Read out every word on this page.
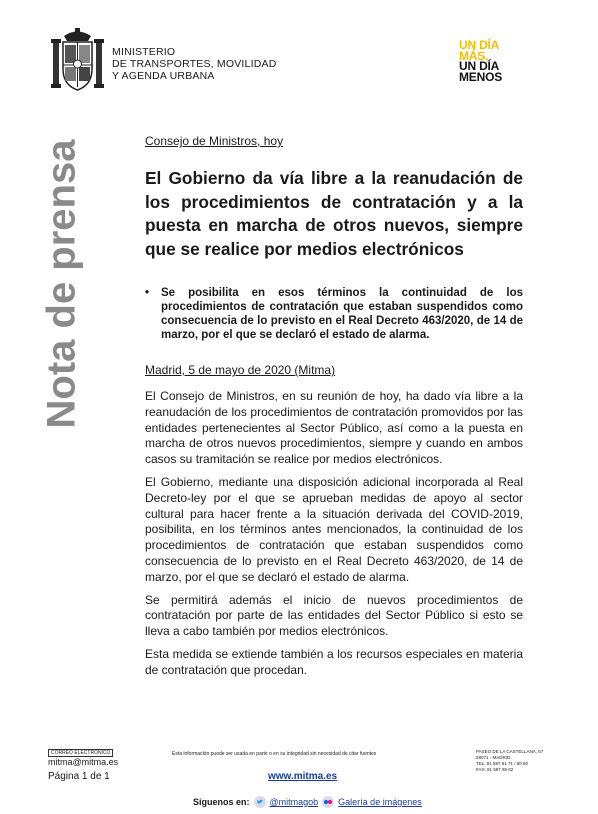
MINISTERIO
DE TRANSPORTES, MOVILIDAD
Y AGENDA URBANA
UN DÍA
MÁS,
UN DÍA
MENOS
Nota de prensa	Consejo de Ministros, hoy
El Gobierno da vía libre a la reanudación de los procedimientos de contratación y a la puesta en marcha de otros nuevos, siempre que se realice por medios electrónicos
• Se posibilita en esos términos la continuidad de los procedimientos de contratación que estaban suspendidos como consecuencia de lo previsto en el Real Decreto 463/2020, de 14 de marzo, por el que se declaró el estado de alarma.
Madrid, 5 de mayo de 2020 (Mitma)

El Consejo de Ministros, en su reunión de hoy, ha dado vía libre a la reanudación de los procedimientos de contratación promovidos por las entidades pertenecientes al Sector Público, así como a la puesta en marcha de otros nuevos procedimientos, siempre y cuando en ambos casos su tramitación se realice por medios electrónicos.

El Gobierno, mediante una disposición adicional incorporada al Real Decreto-ley por el que se aprueban medidas de apoyo al sector cultural para hacer frente a la situación derivada del COVID-2019, posibilita, en los términos antes mencionados, la continuidad de los procedimientos de contratación que estaban suspendidos como consecuencia de lo previsto en el Real Decreto 463/2020, de 14 de marzo, por el que se declaró el estado de alarma.

Se permitirá además el inicio de nuevos procedimientos de contratación por parte de las entidades del Sector Público si esto se lleva a cabo también por medios electrónicos.

Esta medida se extiende también a los recursos especiales en materia de contratación que procedan.

CORREO ELECTRÓNICO
mitma@mitma.es
Página 1 de 1
Esta información puede ser usada en parte o en su integridad sin necesidad de citar fuentes	PASEO DE LA CASTELLANA, 67
28071 - MADRID
TEL: 91 597 81 71 / 80 60
FAX: 91 597 85 02
www.mitma.es
Síguenos en: @mitmagob Galería de imágenes
